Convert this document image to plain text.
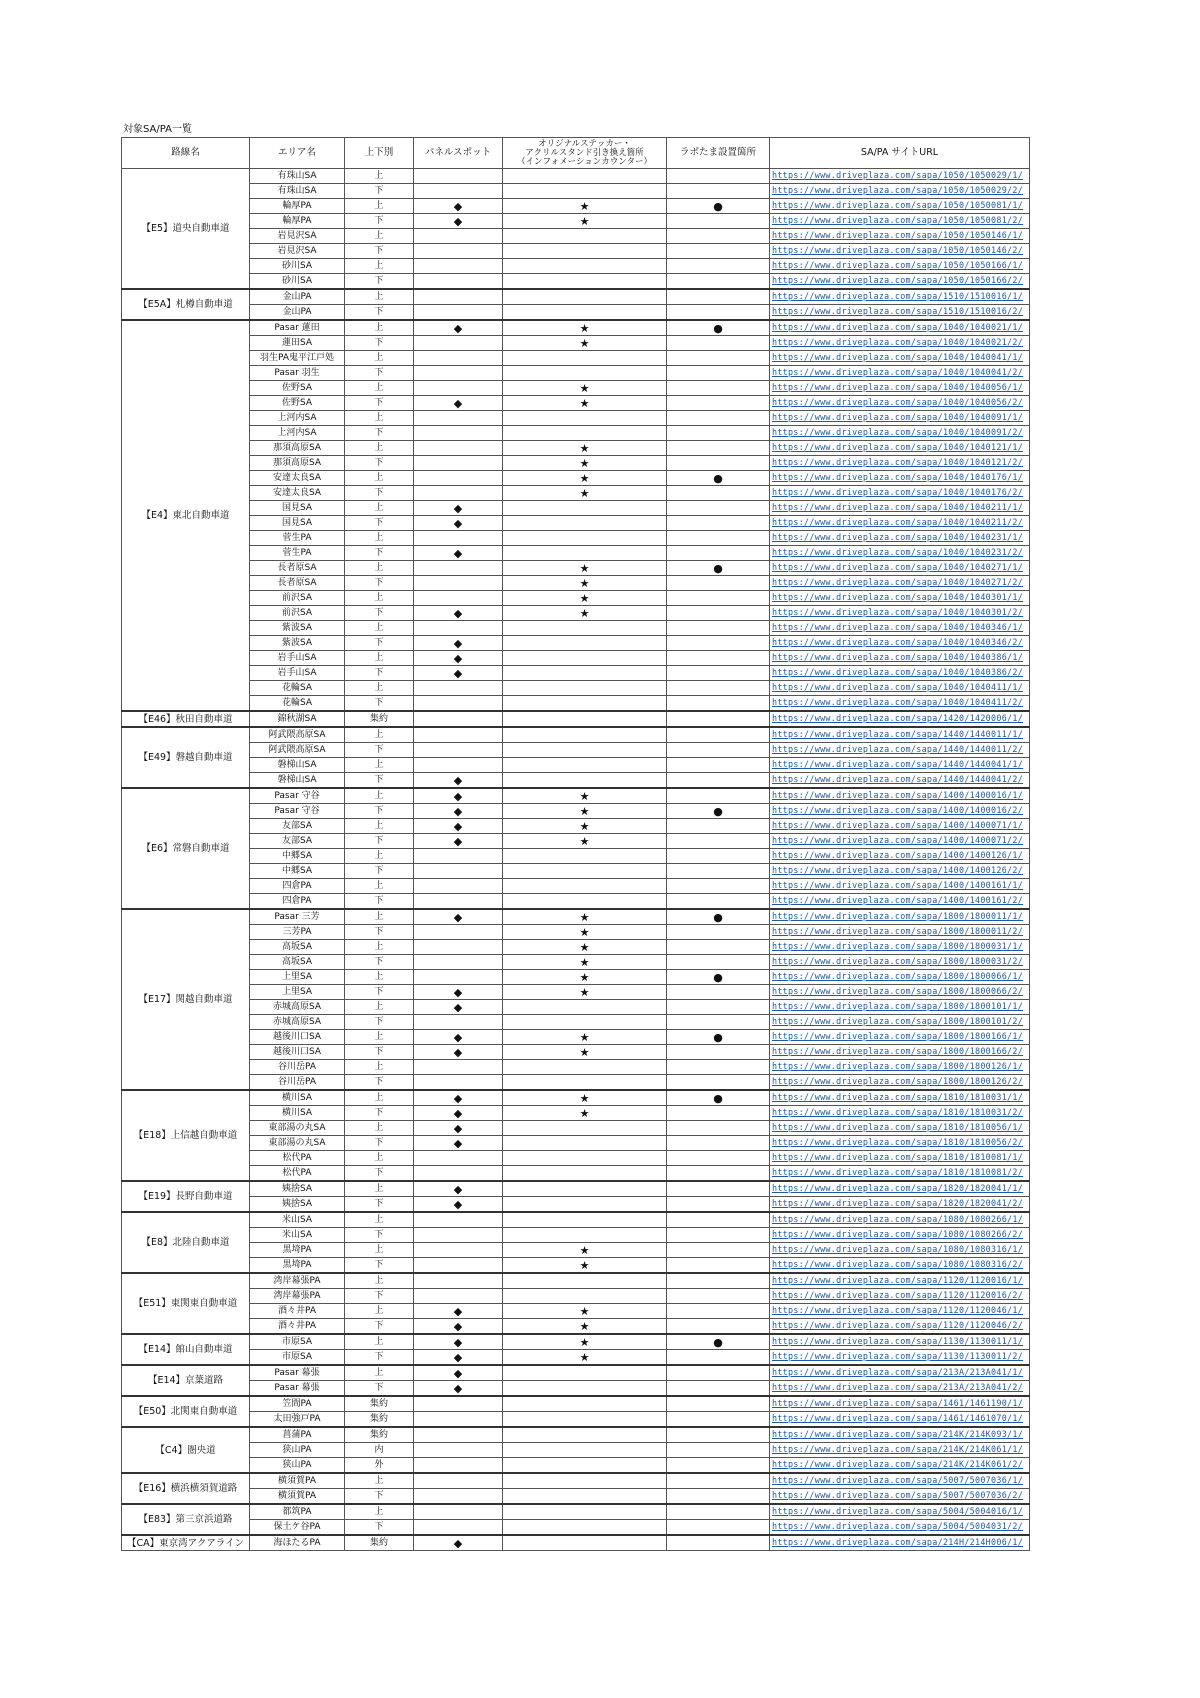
対象SA/PA一覧
路線名	エリア名	上下別	パネルスポット	オリジナルステッカー・
アクリルスタンド引き換え箇所
（インフォメーションカウンター）	ラボたま設置箇所	SA/PA サイトURL
【E5】道央自動車道	有珠山SA	上				https://www.driveplaza.com/sapa/1050/1050029/1/
	有珠山SA	下				https://www.driveplaza.com/sapa/1050/1050029/2/
	輪厚PA	上	◆	★	●	https://www.driveplaza.com/sapa/1050/1050081/1/
	輪厚PA	下	◆	★		https://www.driveplaza.com/sapa/1050/1050081/2/
	岩見沢SA	上				https://www.driveplaza.com/sapa/1050/1050146/1/
	岩見沢SA	下				https://www.driveplaza.com/sapa/1050/1050146/2/
	砂川SA	上				https://www.driveplaza.com/sapa/1050/1050166/1/
	砂川SA	下				https://www.driveplaza.com/sapa/1050/1050166/2/
【E5A】札樽自動車道	金山PA	上				https://www.driveplaza.com/sapa/1510/1510016/1/
	金山PA	下				https://www.driveplaza.com/sapa/1510/1510016/2/
【E4】東北自動車道	Pasar 蓮田	上	◆	★	●	https://www.driveplaza.com/sapa/1040/1040021/1/
	蓮田SA	下		★		https://www.driveplaza.com/sapa/1040/1040021/2/
	羽生PA鬼平江戸処	上				https://www.driveplaza.com/sapa/1040/1040041/1/
	Pasar 羽生	下				https://www.driveplaza.com/sapa/1040/1040041/2/
	佐野SA	上		★		https://www.driveplaza.com/sapa/1040/1040056/1/
	佐野SA	下	◆	★		https://www.driveplaza.com/sapa/1040/1040056/2/
	上河内SA	上				https://www.driveplaza.com/sapa/1040/1040091/1/
	上河内SA	下				https://www.driveplaza.com/sapa/1040/1040091/2/
	那須高原SA	上		★		https://www.driveplaza.com/sapa/1040/1040121/1/
	那須高原SA	下		★		https://www.driveplaza.com/sapa/1040/1040121/2/
	安達太良SA	上		★	●	https://www.driveplaza.com/sapa/1040/1040176/1/
	安達太良SA	下		★		https://www.driveplaza.com/sapa/1040/1040176/2/
	国見SA	上	◆			https://www.driveplaza.com/sapa/1040/1040211/1/
	国見SA	下	◆			https://www.driveplaza.com/sapa/1040/1040211/2/
	菅生PA	上				https://www.driveplaza.com/sapa/1040/1040231/1/
	菅生PA	下	◆			https://www.driveplaza.com/sapa/1040/1040231/2/
	長者原SA	上		★	●	https://www.driveplaza.com/sapa/1040/1040271/1/
	長者原SA	下		★		https://www.driveplaza.com/sapa/1040/1040271/2/
	前沢SA	上		★		https://www.driveplaza.com/sapa/1040/1040301/1/
	前沢SA	下	◆	★		https://www.driveplaza.com/sapa/1040/1040301/2/
	紫波SA	上				https://www.driveplaza.com/sapa/1040/1040346/1/
	紫波SA	下	◆			https://www.driveplaza.com/sapa/1040/1040346/2/
	岩手山SA	上	◆			https://www.driveplaza.com/sapa/1040/1040386/1/
	岩手山SA	下	◆			https://www.driveplaza.com/sapa/1040/1040386/2/
	花輪SA	上				https://www.driveplaza.com/sapa/1040/1040411/1/
	花輪SA	下				https://www.driveplaza.com/sapa/1040/1040411/2/
【E46】秋田自動車道	錦秋湖SA	集約				https://www.driveplaza.com/sapa/1420/1420006/1/
【E49】磐越自動車道	阿武隈高原SA	上				https://www.driveplaza.com/sapa/1440/1440011/1/
	阿武隈高原SA	下				https://www.driveplaza.com/sapa/1440/1440011/2/
	磐梯山SA	上				https://www.driveplaza.com/sapa/1440/1440041/1/
	磐梯山SA	下	◆			https://www.driveplaza.com/sapa/1440/1440041/2/
【E6】常磐自動車道	Pasar 守谷	上	◆	★		https://www.driveplaza.com/sapa/1400/1400016/1/
	Pasar 守谷	下	◆	★	●	https://www.driveplaza.com/sapa/1400/1400016/2/
	友部SA	上	◆	★		https://www.driveplaza.com/sapa/1400/1400071/1/
	友部SA	下	◆	★		https://www.driveplaza.com/sapa/1400/1400071/2/
	中郷SA	上				https://www.driveplaza.com/sapa/1400/1400126/1/
	中郷SA	下				https://www.driveplaza.com/sapa/1400/1400126/2/
	四倉PA	上				https://www.driveplaza.com/sapa/1400/1400161/1/
	四倉PA	下				https://www.driveplaza.com/sapa/1400/1400161/2/
【E17】関越自動車道	Pasar 三芳	上	◆	★	●	https://www.driveplaza.com/sapa/1800/1800011/1/
	三芳PA	下		★		https://www.driveplaza.com/sapa/1800/1800011/2/
	高坂SA	上		★		https://www.driveplaza.com/sapa/1800/1800031/1/
	高坂SA	下		★		https://www.driveplaza.com/sapa/1800/1800031/2/
	上里SA	上		★	●	https://www.driveplaza.com/sapa/1800/1800066/1/
	上里SA	下	◆	★		https://www.driveplaza.com/sapa/1800/1800066/2/
	赤城高原SA	上	◆			https://www.driveplaza.com/sapa/1800/1800101/1/
	赤城高原SA	下				https://www.driveplaza.com/sapa/1800/1800101/2/
	越後川口SA	上	◆	★	●	https://www.driveplaza.com/sapa/1800/1800166/1/
	越後川口SA	下	◆	★		https://www.driveplaza.com/sapa/1800/1800166/2/
	谷川岳PA	上				https://www.driveplaza.com/sapa/1800/1800126/1/
	谷川岳PA	下				https://www.driveplaza.com/sapa/1800/1800126/2/
【E18】上信越自動車道	横川SA	上	◆	★	●	https://www.driveplaza.com/sapa/1810/1810031/1/
	横川SA	下	◆	★		https://www.driveplaza.com/sapa/1810/1810031/2/
	東部湯の丸SA	上	◆			https://www.driveplaza.com/sapa/1810/1810056/1/
	東部湯の丸SA	下	◆			https://www.driveplaza.com/sapa/1810/1810056/2/
	松代PA	上				https://www.driveplaza.com/sapa/1810/1810081/1/
	松代PA	下				https://www.driveplaza.com/sapa/1810/1810081/2/
【E19】長野自動車道	姨捨SA	上	◆			https://www.driveplaza.com/sapa/1820/1820041/1/
	姨捨SA	下	◆			https://www.driveplaza.com/sapa/1820/1820041/2/
【E8】北陸自動車道	米山SA	上				https://www.driveplaza.com/sapa/1080/1080266/1/
	米山SA	下				https://www.driveplaza.com/sapa/1080/1080266/2/
	黒埼PA	上		★		https://www.driveplaza.com/sapa/1080/1080316/1/
	黒埼PA	下		★		https://www.driveplaza.com/sapa/1080/1080316/2/
【E51】東関東自動車道	湾岸幕張PA	上				https://www.driveplaza.com/sapa/1120/1120016/1/
	湾岸幕張PA	下				https://www.driveplaza.com/sapa/1120/1120016/2/
	酒々井PA	上	◆	★		https://www.driveplaza.com/sapa/1120/1120046/1/
	酒々井PA	下	◆	★		https://www.driveplaza.com/sapa/1120/1120046/2/
【E14】館山自動車道	市原SA	上	◆	★	●	https://www.driveplaza.com/sapa/1130/1130011/1/
	市原SA	下	◆	★		https://www.driveplaza.com/sapa/1130/1130011/2/
【E14】京葉道路	Pasar 幕張	上	◆			https://www.driveplaza.com/sapa/213A/213A041/1/
	Pasar 幕張	下	◆			https://www.driveplaza.com/sapa/213A/213A041/2/
【E50】北関東自動車道	笠間PA	集約				https://www.driveplaza.com/sapa/1461/1461190/1/
	太田強戸PA	集約				https://www.driveplaza.com/sapa/1461/1461070/1/
【C4】圏央道	菖蒲PA	集約				https://www.driveplaza.com/sapa/214K/214K093/1/
	狭山PA	内				https://www.driveplaza.com/sapa/214K/214K061/1/
	狭山PA	外				https://www.driveplaza.com/sapa/214K/214K061/2/
【E16】横浜横須賀道路	横須賀PA	上				https://www.driveplaza.com/sapa/5007/5007036/1/
	横須賀PA	下				https://www.driveplaza.com/sapa/5007/5007036/2/
【E83】第三京浜道路	都筑PA	上				https://www.driveplaza.com/sapa/5004/5004016/1/
	保土ケ谷PA	下				https://www.driveplaza.com/sapa/5004/5004031/2/
【CA】東京湾アクアライン	海ほたるPA	集約	◆			https://www.driveplaza.com/sapa/214H/214H006/1/
